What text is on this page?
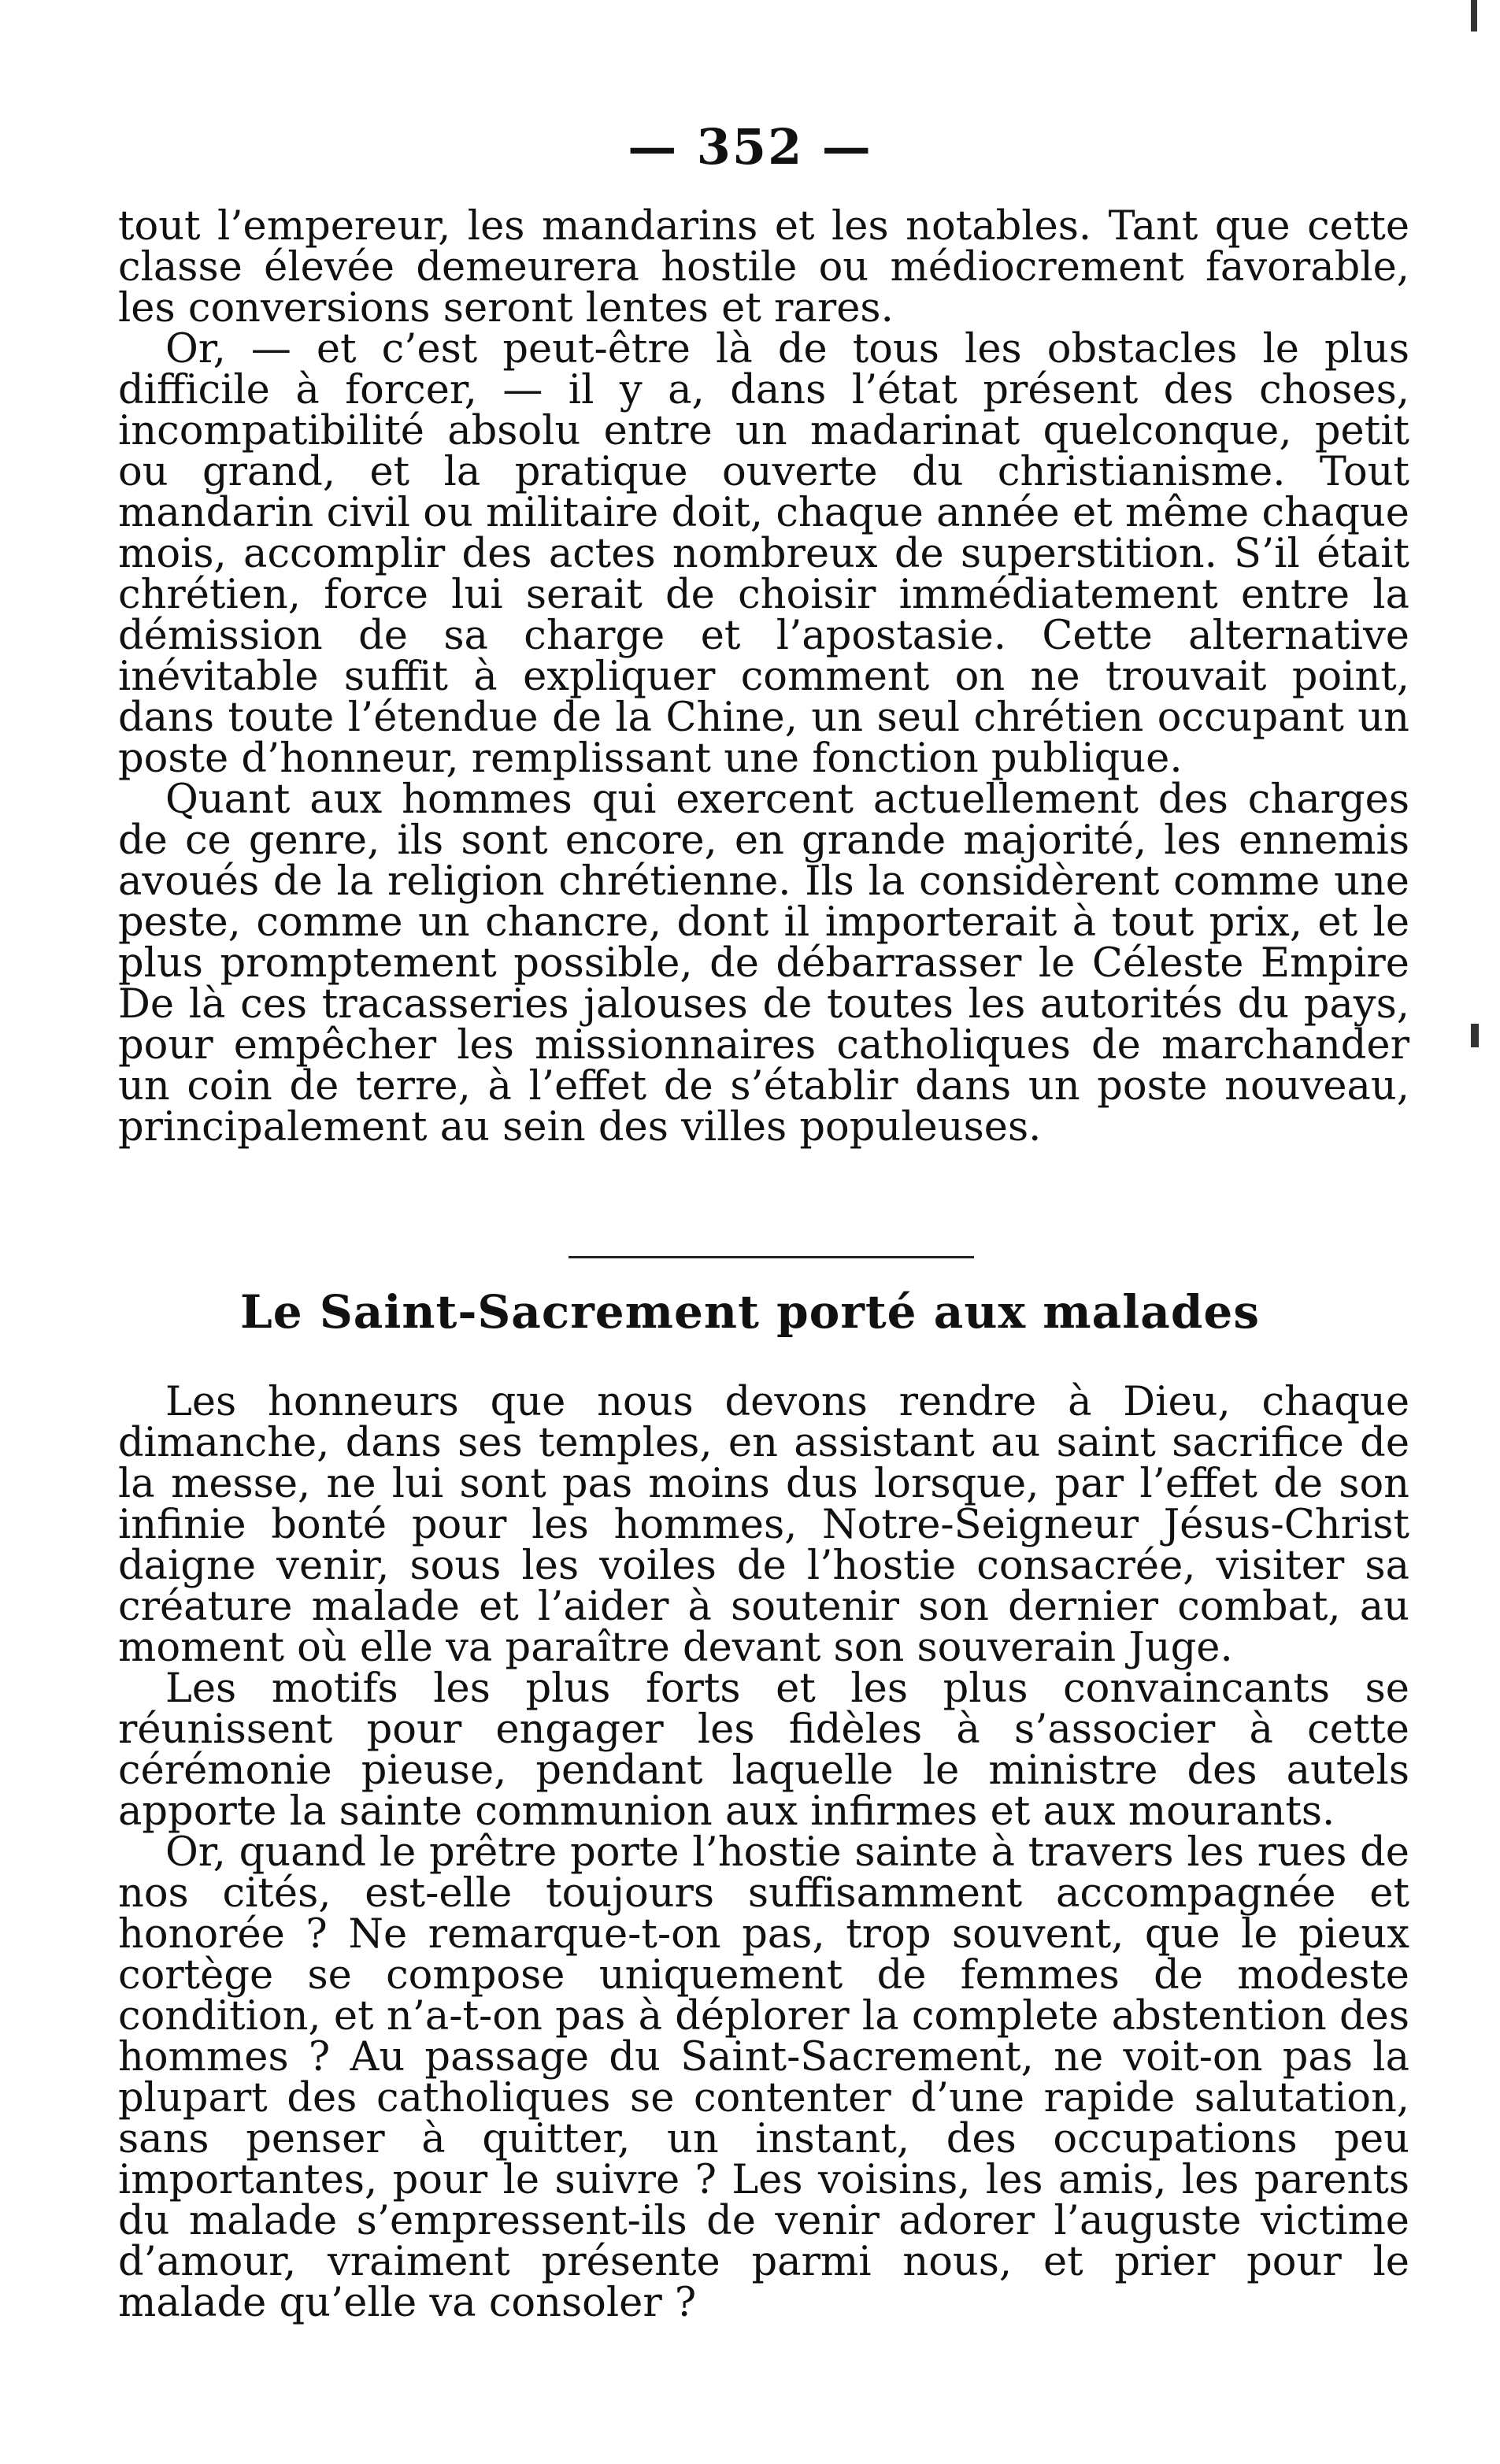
— 352 —

tout l’empereur, les mandarins et les notables. Tant que cette classe élevée demeurera hostile ou médiocrement favorable, les conversions seront lentes et rares.

Or, — et c’est peut-être là de tous les obstacles le plus difficile à forcer, — il y a, dans l’état présent des choses, incompatibilité absolu entre un madarinat quelconque, petit ou grand, et la pratique ouverte du christianisme. Tout mandarin civil ou militaire doit, chaque année et même chaque mois, accomplir des actes nombreux de superstition. S’il était chrétien, force lui serait de choisir immédiatement entre la démission de sa charge et l’apostasie. Cette alternative inévitable suffit à expliquer comment on ne trouvait point, dans toute l’étendue de la Chine, un seul chrétien occupant un poste d’honneur, remplissant une fonction publique.

Quant aux hommes qui exercent actuellement des charges de ce genre, ils sont encore, en grande majorité, les ennemis avoués de la religion chrétienne. Ils la considèrent comme une peste, comme un chancre, dont il importerait à tout prix, et le plus promptement possible, de débarrasser le Céleste Empire De là ces tracasseries jalouses de toutes les autorités du pays, pour empêcher les missionnaires catholiques de marchander un coin de terre, à l’effet de s’établir dans un poste nouveau, principalement au sein des villes populeuses.

Le Saint-Sacrement porté aux malades

Les honneurs que nous devons rendre à Dieu, chaque dimanche, dans ses temples, en assistant au saint sacrifice de la messe, ne lui sont pas moins dus lorsque, par l’effet de son infinie bonté pour les hommes, Notre-Seigneur Jésus-Christ daigne venir, sous les voiles de l’hostie consacrée, visiter sa créature malade et l’aider à soutenir son dernier combat, au moment où elle va paraître devant son souverain Juge.

Les motifs les plus forts et les plus convaincants se réunissent pour engager les fidèles à s’associer à cette cérémonie pieuse, pendant laquelle le ministre des autels apporte la sainte communion aux infirmes et aux mourants.

Or, quand le prêtre porte l’hostie sainte à travers les rues de nos cités, est-elle toujours suffisamment accompagnée et honorée ? Ne remarque-t-on pas, trop souvent, que le pieux cortège se compose uniquement de femmes de modeste condition, et n’a-t-on pas à déplorer la complete abstention des hommes ? Au passage du Saint-Sacrement, ne voit-on pas la plupart des catholiques se contenter d’une rapide salutation, sans penser à quitter, un instant, des occupations peu importantes, pour le suivre ? Les voisins, les amis, les parents du malade s’empressent-ils de venir adorer l’auguste victime d’amour, vraiment présente parmi nous, et prier pour le malade qu’elle va consoler ?
